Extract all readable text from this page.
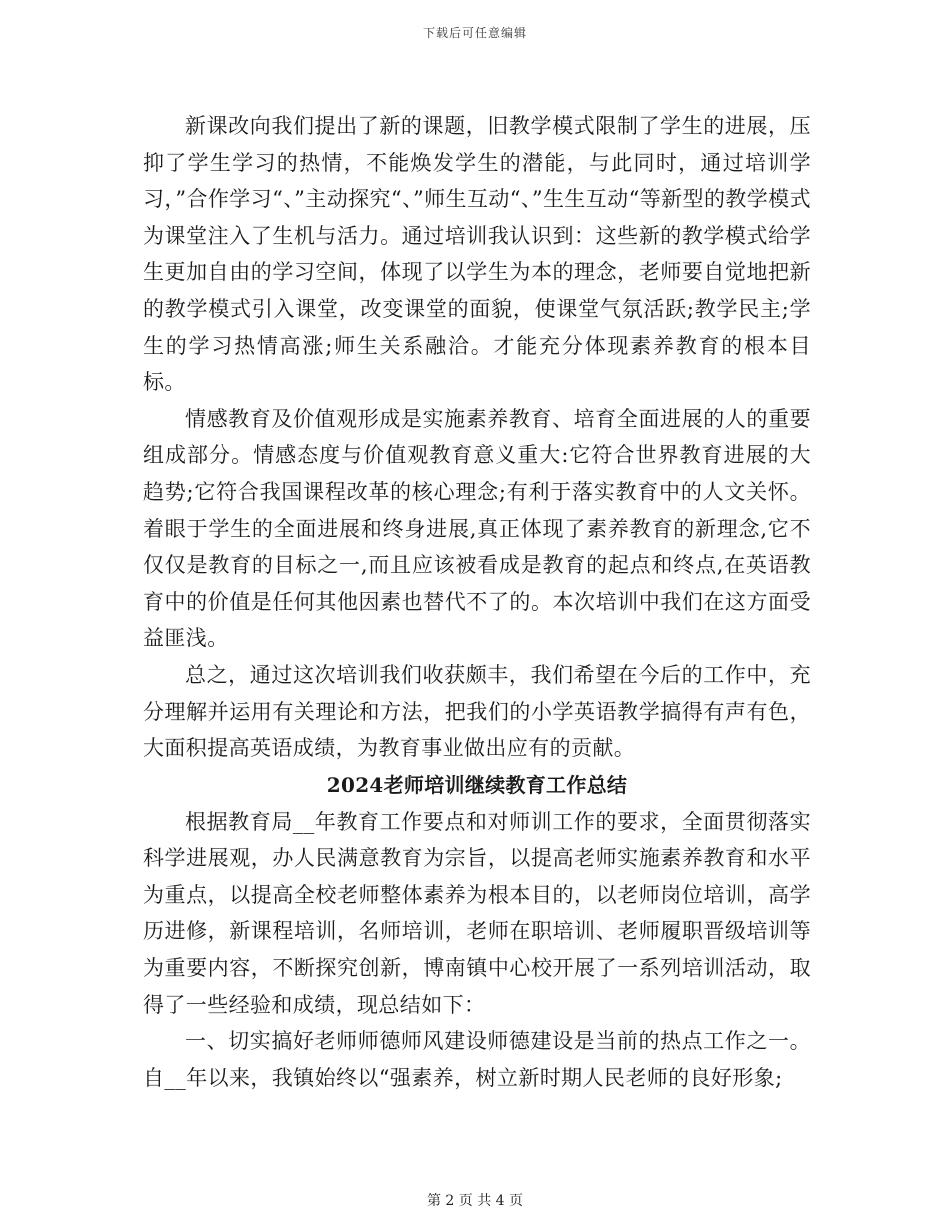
下载后可任意编辑

新课改向我们提出了新的课题，旧教学模式限制了学生的进展，压抑了学生学习的热情，不能焕发学生的潜能，与此同时，通过培训学习，”合作学习“、”主动探究“、”师生互动“、”生生互动“等新型的教学模式为课堂注入了生机与活力。通过培训我认识到：这些新的教学模式给学生更加自由的学习空间，体现了以学生为本的理念，老师要自觉地把新的教学模式引入课堂，改变课堂的面貌，使课堂气氛活跃;教学民主;学生的学习热情高涨;师生关系融洽。才能充分体现素养教育的根本目标。

情感教育及价值观形成是实施素养教育、培育全面进展的人的重要组成部分。情感态度与价值观教育意义重大:它符合世界教育进展的大趋势;它符合我国课程改革的核心理念;有利于落实教育中的人文关怀。着眼于学生的全面进展和终身进展,真正体现了素养教育的新理念,它不仅仅是教育的目标之一,而且应该被看成是教育的起点和终点,在英语教育中的价值是任何其他因素也替代不了的。本次培训中我们在这方面受益匪浅。

总之，通过这次培训我们收获颇丰，我们希望在今后的工作中，充分理解并运用有关理论和方法，把我们的小学英语教学搞得有声有色，大面积提高英语成绩，为教育事业做出应有的贡献。

2024老师培训继续教育工作总结

根据教育局__年教育工作要点和对师训工作的要求，全面贯彻落实科学进展观，办人民满意教育为宗旨，以提高老师实施素养教育和水平为重点，以提高全校老师整体素养为根本目的，以老师岗位培训，高学历进修，新课程培训，名师培训，老师在职培训、老师履职晋级培训等为重要内容，不断探究创新，博南镇中心校开展了一系列培训活动，取得了一些经验和成绩，现总结如下：

一、切实搞好老师师德师风建设师德建设是当前的热点工作之一。自__年以来，我镇始终以“强素养，树立新时期人民老师的良好形象;

第 2 页 共 4 页
